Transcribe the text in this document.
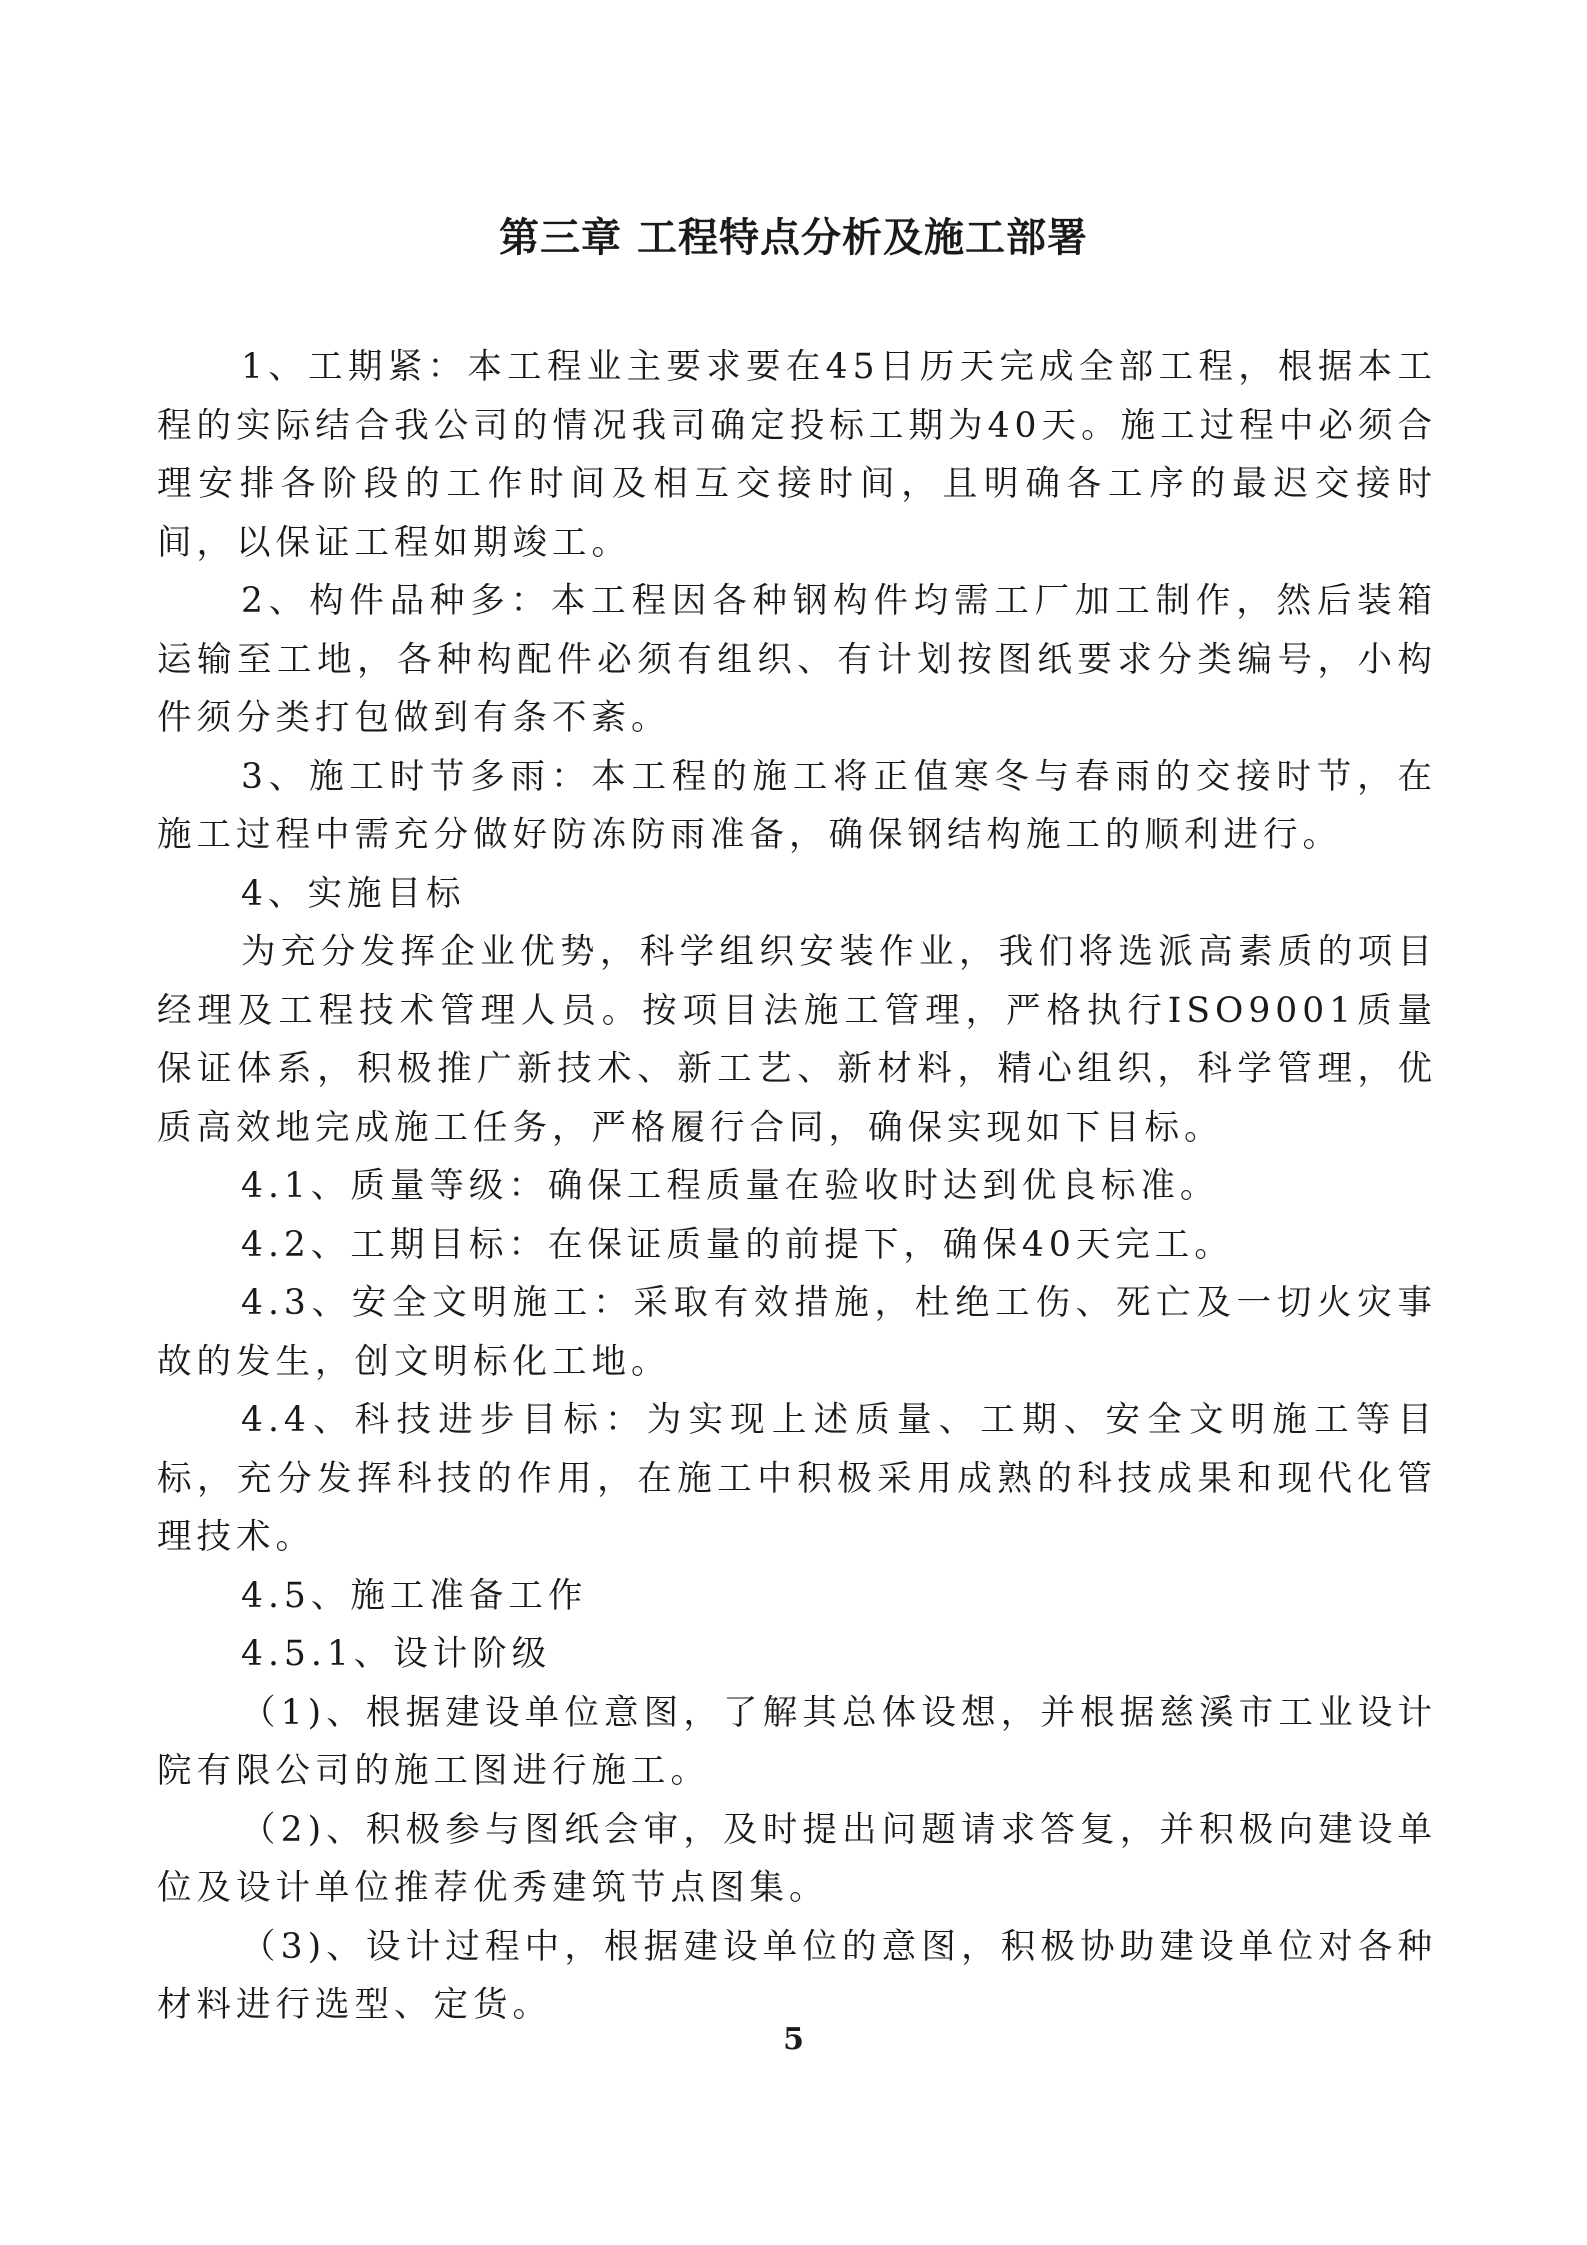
第三章 工程特点分析及施工部署

1、工期紧：本工程业主要求要在45日历天完成全部工程，根据本工程的实际结合我公司的情况我司确定投标工期为40天。施工过程中必须合理安排各阶段的工作时间及相互交接时间，且明确各工序的最迟交接时间，以保证工程如期竣工。

2、构件品种多：本工程因各种钢构件均需工厂加工制作，然后装箱运输至工地，各种构配件必须有组织、有计划按图纸要求分类编号，小构件须分类打包做到有条不紊。

3、施工时节多雨：本工程的施工将正值寒冬与春雨的交接时节，在施工过程中需充分做好防冻防雨准备，确保钢结构施工的顺利进行。

4、实施目标

为充分发挥企业优势，科学组织安装作业，我们将选派高素质的项目经理及工程技术管理人员。按项目法施工管理，严格执行ISO9001质量保证体系，积极推广新技术、新工艺、新材料，精心组织，科学管理，优质高效地完成施工任务，严格履行合同，确保实现如下目标。

4.1、质量等级：确保工程质量在验收时达到优良标准。

4.2、工期目标：在保证质量的前提下，确保40天完工。

4.3、安全文明施工：采取有效措施，杜绝工伤、死亡及一切火灾事故的发生，创文明标化工地。

4.4、科技进步目标：为实现上述质量、工期、安全文明施工等目标，充分发挥科技的作用，在施工中积极采用成熟的科技成果和现代化管理技术。

4.5、施工准备工作

4.5.1、设计阶级

（1)、根据建设单位意图，了解其总体设想，并根据慈溪市工业设计院有限公司的施工图进行施工。

（2)、积极参与图纸会审，及时提出问题请求答复，并积极向建设单位及设计单位推荐优秀建筑节点图集。

（3)、设计过程中，根据建设单位的意图，积极协助建设单位对各种材料进行选型、定货。

5
